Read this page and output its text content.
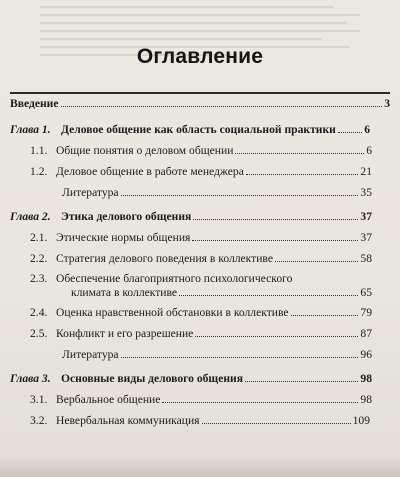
Оглавление
Введение	3
Глава 1. Деловое общение как область социальной практики 6
1.1. Общие понятия о деловом общении	6
1.2. Деловое общение в работе менеджера	21
Литература	35
Глава 2. Этика делового общения	37
2.1. Этические нормы общения	37
2.2. Стратегия делового поведения в коллективе	58
2.3. Обеспечение благоприятного психологического
климата в коллективе	65
2.4. Оценка нравственной обстановки в коллективе	79
2.5. Конфликт и его разрешение	87
Литература	96
Глава 3. Основные виды делового общения	98
3.1. Вербальное общение	98
3.2. Невербальная коммуникация	109
